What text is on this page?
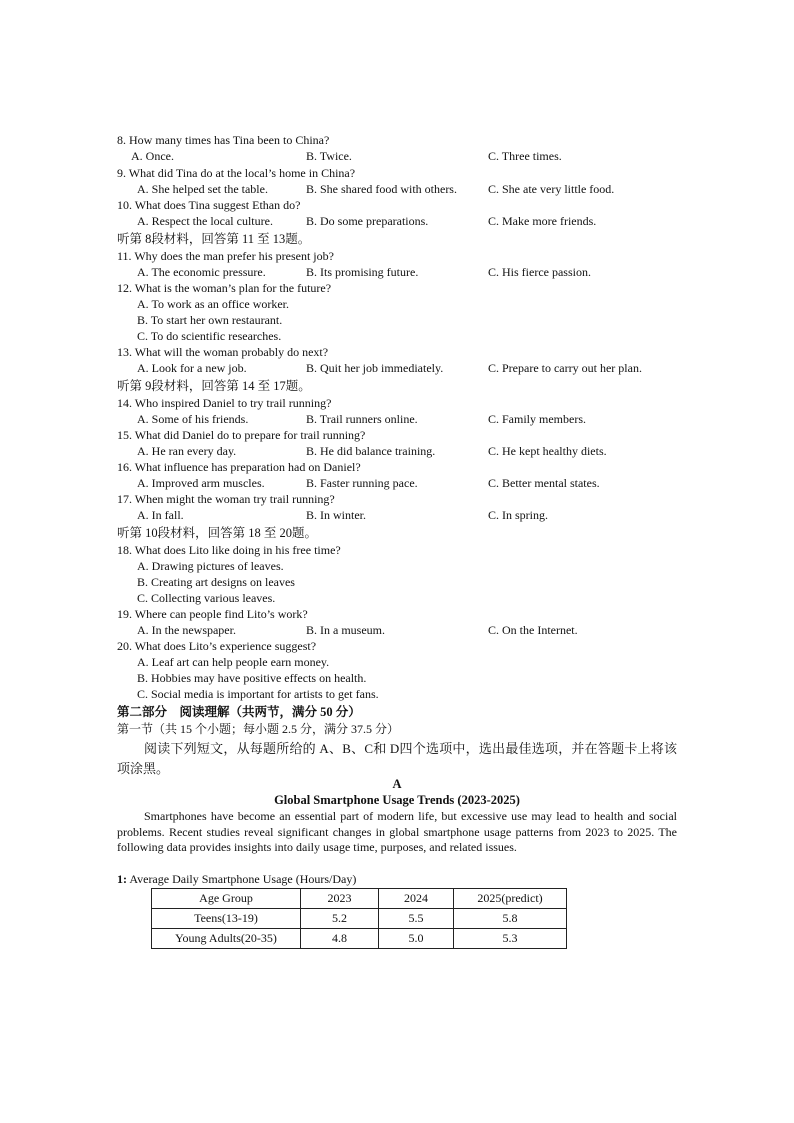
8. How many times has Tina been to China?
A. Once.	B. Twice.	C. Three times.
9. What did Tina do at the local’s home in China?
A. She helped set the table.	B. She shared food with others.	C. She ate very little food.
10. What does Tina suggest Ethan do?
A. Respect the local culture.	B. Do some preparations.	C. Make more friends.
听第 8段材料，回答第 11 至 13题。
11. Why does the man prefer his present job?
A. The economic pressure.	B. Its promising future.	C. His fierce passion.
12. What is the woman’s plan for the future?
A. To work as an office worker.
B. To start her own restaurant.
C. To do scientific researches.
13. What will the woman probably do next?
A. Look for a new job.	B. Quit her job immediately.	C. Prepare to carry out her plan.
听第 9段材料，回答第 14 至 17题。
14. Who inspired Daniel to try trail running?
A. Some of his friends.	B. Trail runners online.	C. Family members.
15. What did Daniel do to prepare for trail running?
A. He ran every day.	B. He did balance training.	C. He kept healthy diets.
16. What influence has preparation had on Daniel?
A. Improved arm muscles.	B. Faster running pace.	C. Better mental states.
17. When might the woman try trail running?
A. In fall.	B. In winter.	C. In spring.
听第 10段材料，回答第 18 至 20题。
18. What does Lito like doing in his free time?
A. Drawing pictures of leaves.
B. Creating art designs on leaves
C. Collecting various leaves.
19. Where can people find Lito’s work?
A. In the newspaper.	B. In a museum.	C. On the Internet.
20. What does Lito’s experience suggest?
A. Leaf art can help people earn money.
B. Hobbies may have positive effects on health.
C. Social media is important for artists to get fans.
第二部分　阅读理解（共两节，满分 50 分）
第一节（共 15 个小题；每小题 2.5 分，满分 37.5 分）
阅读下列短文，从每题所给的 A、B、C和 D四个选项中，选出最佳选项，并在答题卡上将该项涂黑。
A
Global Smartphone Usage Trends (2023-2025)
Smartphones have become an essential part of modern life, but excessive use may lead to health and social problems. Recent studies reveal significant changes in global smartphone usage patterns from 2023 to 2025. The following data provides insights into daily usage time, purposes, and related issues.
1: Average Daily Smartphone Usage (Hours/Day)
Age Group	2023	2024	2025(predict)
Teens(13-19)	5.2	5.5	5.8
Young Adults(20-35)	4.8	5.0	5.3
